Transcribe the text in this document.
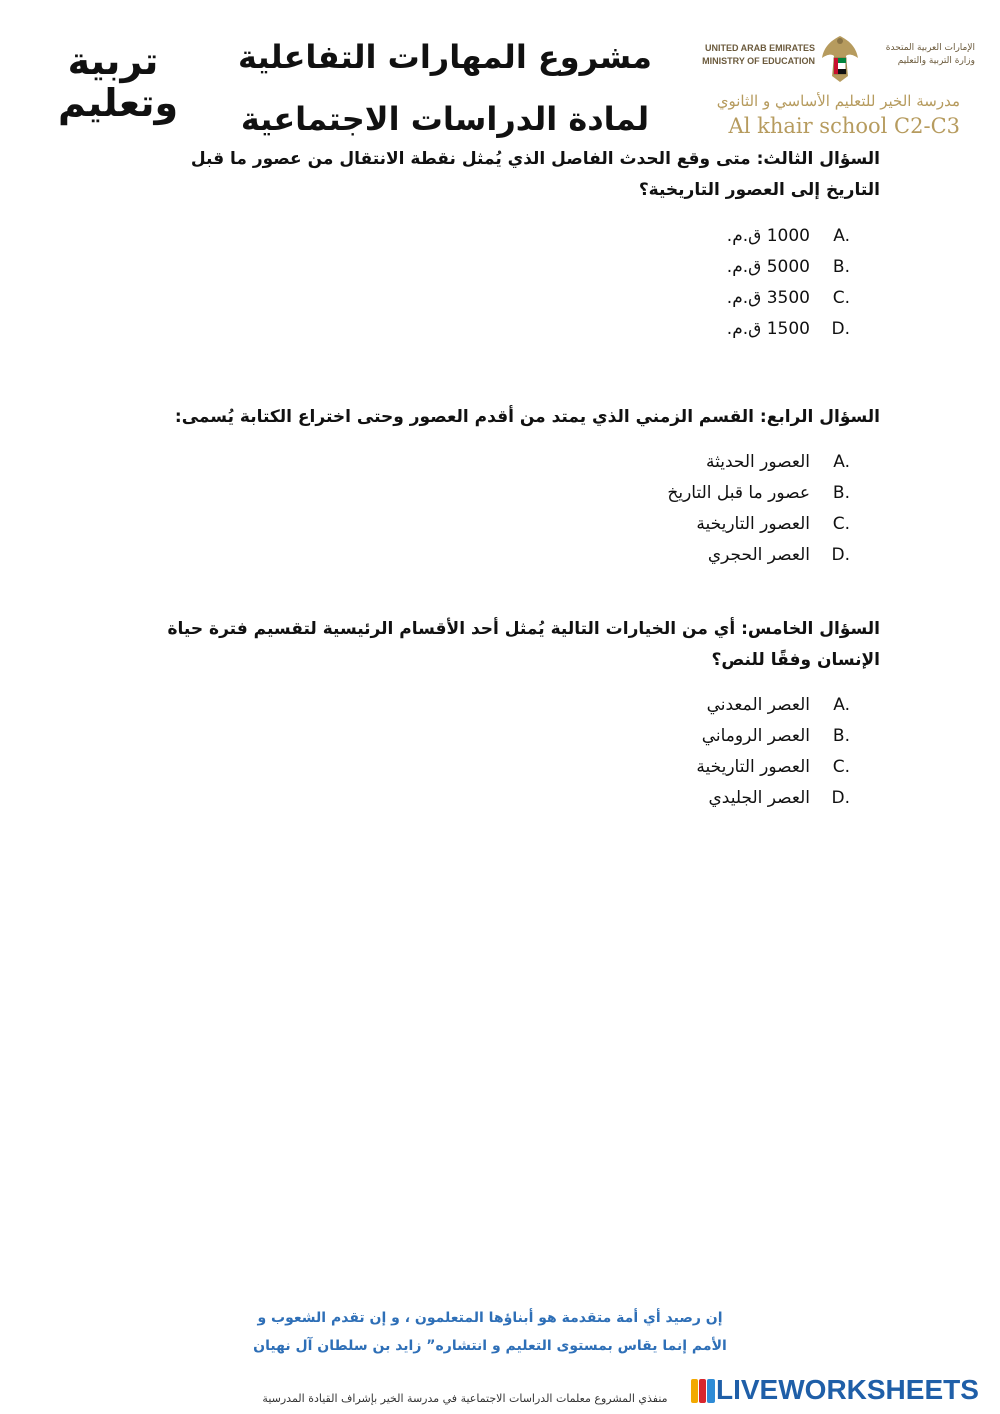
تربية
وتعليم
مشروع المهارات التفاعلية
لمادة الدراسات الاجتماعية
UNITED ARAB EMIRATES
MINISTRY OF EDUCATION
الإمارات العربية المتحدة
وزارة التربية والتعليم
مدرسة الخير للتعليم الأساسي و الثانوي
Al khair school C2-C3
السؤال الثالث: متى وقع الحدث الفاصل الذي يُمثل نقطة الانتقال من عصور ما قبل التاريخ إلى العصور التاريخية؟
A.1000 ق.م.
B.5000 ق.م.
C.3500 ق.م.
D.1500 ق.م.
السؤال الرابع: القسم الزمني الذي يمتد من أقدم العصور وحتى اختراع الكتابة يُسمى:
A.العصور الحديثة
B.عصور ما قبل التاريخ
C.العصور التاريخية
D.العصر الحجري
السؤال الخامس: أي من الخيارات التالية يُمثل أحد الأقسام الرئيسية لتقسيم فترة حياة الإنسان وفقًا للنص؟
A.العصر المعدني
B.العصر الروماني
C.العصور التاريخية
D.العصر الجليدي
إن رصيد أي أمة متقدمة هو أبناؤها المتعلمون ، و إن تقدم الشعوب و
الأمم إنما يقاس بمستوى التعليم و انتشاره” زايد بن سلطان آل نهيان
منفذي المشروع معلمات الدراسات الاجتماعية في مدرسة الخير بإشراف القيادة المدرسية	LIVEWORKSHEETS
